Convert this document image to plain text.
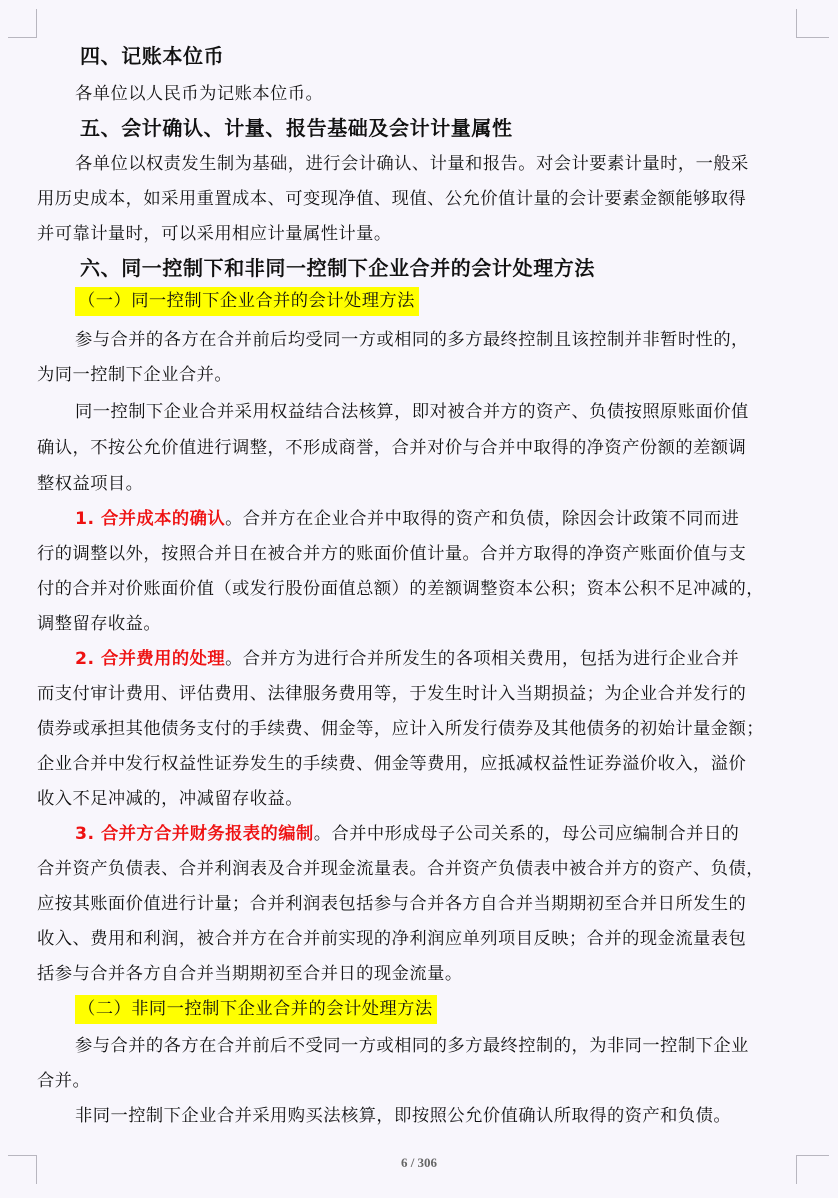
四、记账本位币
各单位以人民币为记账本位币。
五、会计确认、计量、报告基础及会计计量属性
各单位以权责发生制为基础，进行会计确认、计量和报告。对会计要素计量时，一般采
用历史成本，如采用重置成本、可变现净值、现值、公允价值计量的会计要素金额能够取得
并可靠计量时，可以采用相应计量属性计量。
六、同一控制下和非同一控制下企业合并的会计处理方法
（一）同一控制下企业合并的会计处理方法
参与合并的各方在合并前后均受同一方或相同的多方最终控制且该控制并非暂时性的，
为同一控制下企业合并。
同一控制下企业合并采用权益结合法核算，即对被合并方的资产、负债按照原账面价值
确认，不按公允价值进行调整，不形成商誉，合并对价与合并中取得的净资产份额的差额调
整权益项目。
1. 合并成本的确认。合并方在企业合并中取得的资产和负债，除因会计政策不同而进
行的调整以外，按照合并日在被合并方的账面价值计量。合并方取得的净资产账面价值与支
付的合并对价账面价值（或发行股份面值总额）的差额调整资本公积；资本公积不足冲减的，
调整留存收益。
2. 合并费用的处理。合并方为进行合并所发生的各项相关费用，包括为进行企业合并
而支付审计费用、评估费用、法律服务费用等，于发生时计入当期损益；为企业合并发行的
债券或承担其他债务支付的手续费、佣金等，应计入所发行债券及其他债务的初始计量金额；
企业合并中发行权益性证券发生的手续费、佣金等费用，应抵减权益性证券溢价收入，溢价
收入不足冲减的，冲减留存收益。
3. 合并方合并财务报表的编制。合并中形成母子公司关系的，母公司应编制合并日的
合并资产负债表、合并利润表及合并现金流量表。合并资产负债表中被合并方的资产、负债，
应按其账面价值进行计量；合并利润表包括参与合并各方自合并当期期初至合并日所发生的
收入、费用和利润，被合并方在合并前实现的净利润应单列项目反映；合并的现金流量表包
括参与合并各方自合并当期期初至合并日的现金流量。
（二）非同一控制下企业合并的会计处理方法
参与合并的各方在合并前后不受同一方或相同的多方最终控制的，为非同一控制下企业
合并。
非同一控制下企业合并采用购买法核算，即按照公允价值确认所取得的资产和负债。
6 / 306
